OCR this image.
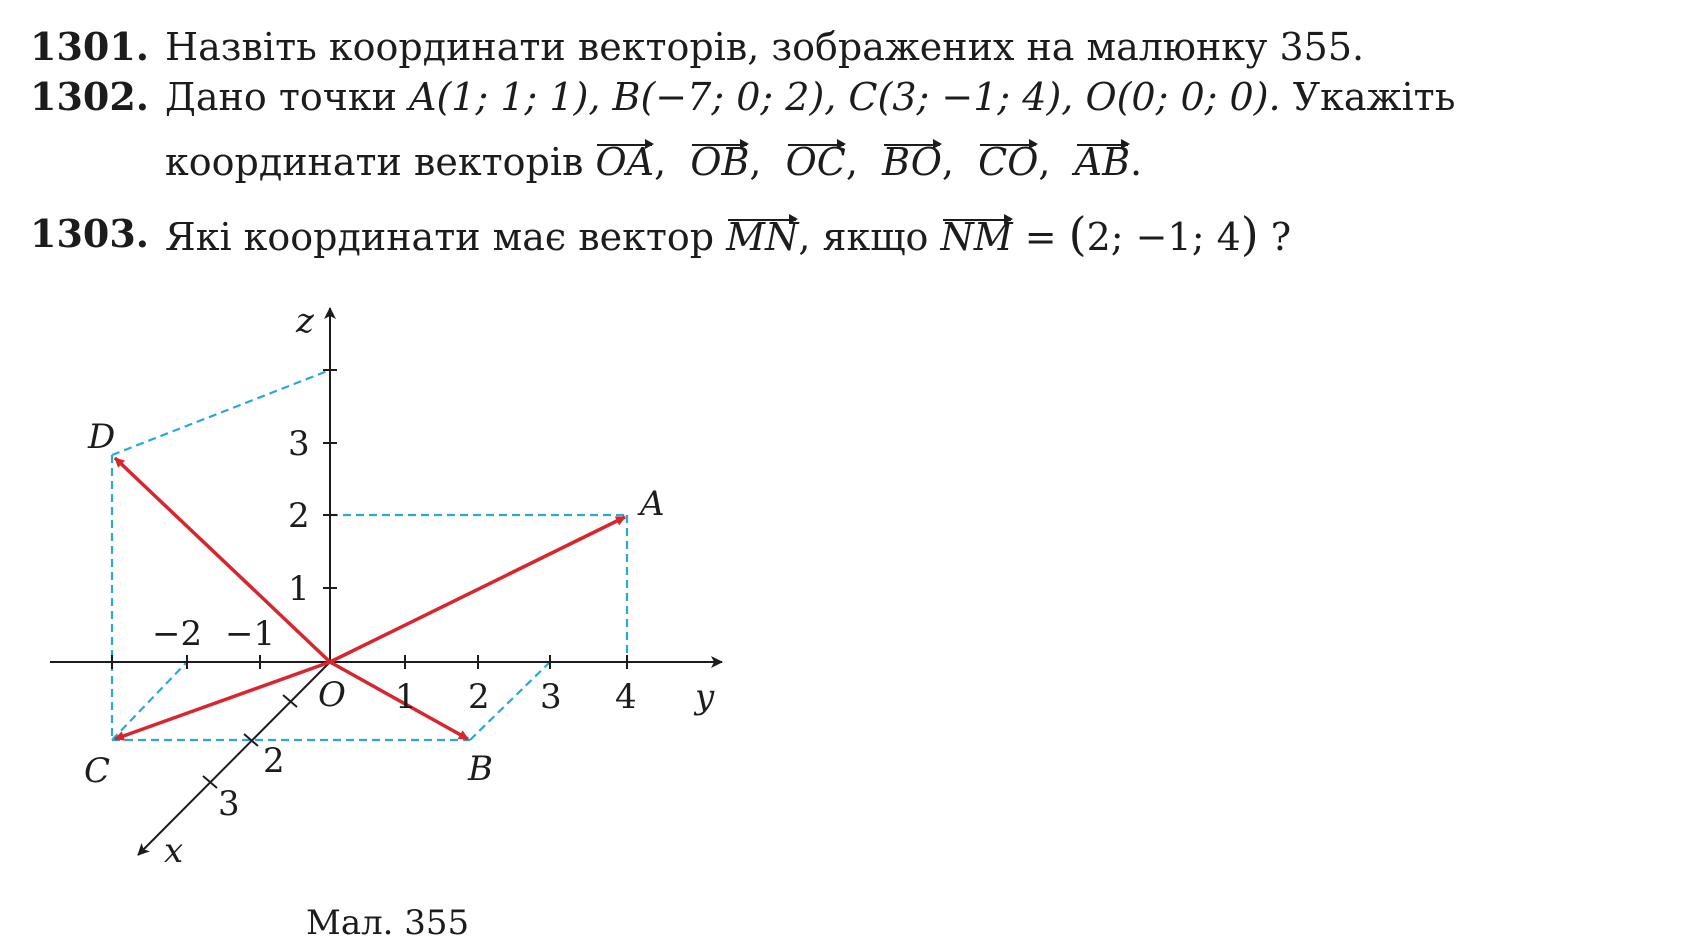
1301. Назвіть координати векторів, зображених на малюнку 355.
1302. Дано точки A(1; 1; 1), B(−7; 0; 2), C(3; −1; 4), O(0; 0; 0). Укажіть
координати векторів OA,  OB,  OC,  BO,  CO,  AB.
1303. Які координати має вектор MN, якщо NM = (2; −1; 4) ?
z
y
x
O
−2 −1
1 2 3 4
1
2
3
2
3
A
B
C
D
Мал. 355
